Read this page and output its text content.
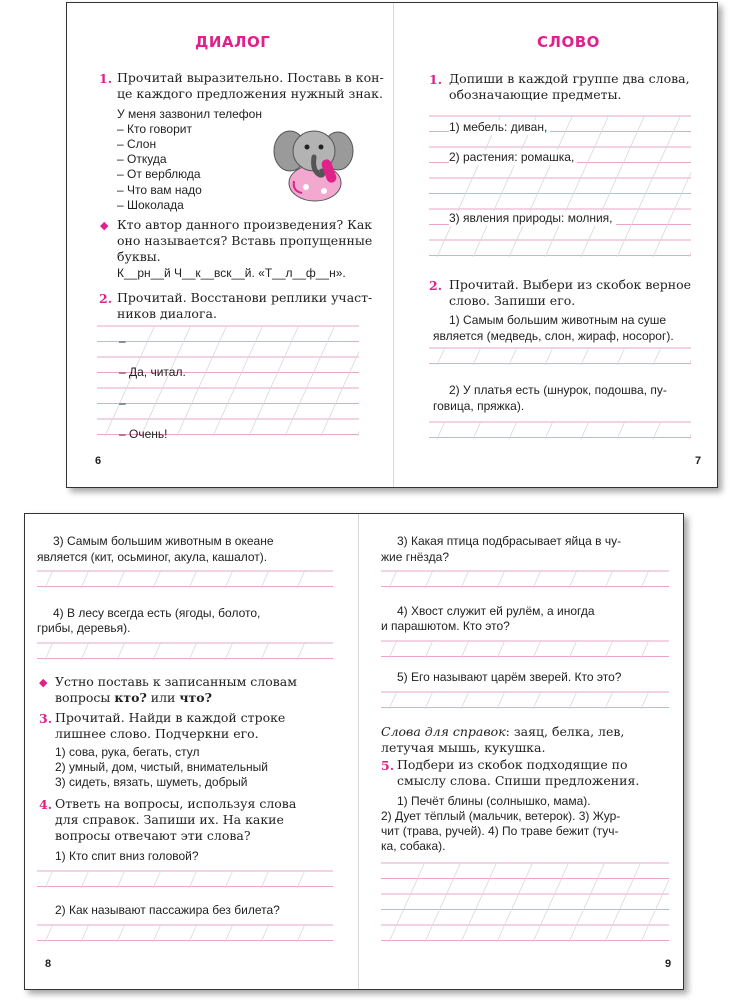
ДИАЛОГ
1. Прочитай выразительно. Поставь в кон-
це каждого предложения нужный знак.
У меня зазвонил телефон
– Кто говорит
– Слон
– Откуда
– От верблюда
– Что вам надо
– Шоколада
◆ Кто автор данного произведения? Как
оно называется? Вставь пропущенные
буквы.
К__рн__й Ч__к__вск__й. «Т__л__ф__н».
2. Прочитай. Восстанови реплики участ-
ников диалога.
–
– Да, читал.
–
– Очень!
6
СЛОВО
1. Допиши в каждой группе два слова,
обозначающие предметы.
1) мебель: диван,
2) растения: ромашка,
3) явления природы: молния,
2. Прочитай. Выбери из скобок верное
слово. Запиши его.
1) Самым большим животным на суше
является (медведь, слон, жираф, носорог).
2) У платья есть (шнурок, подошва, пу-
говица, пряжка).
7
3) Самым большим животным в океане
является (кит, осьминог, акула, кашалот).
4) В лесу всегда есть (ягоды, болото,
грибы, деревья).
◆ Устно поставь к записанным словам
вопросы кто? или что?
3. Прочитай. Найди в каждой строке
лишнее слово. Подчеркни его.
1) сова, рука, бегать, стул
2) умный, дом, чистый, внимательный
3) сидеть, вязать, шуметь, добрый
4. Ответь на вопросы, используя слова
для справок. Запиши их. На какие
вопросы отвечают эти слова?
1) Кто спит вниз головой?
2) Как называют пассажира без билета?
8
3) Какая птица подбрасывает яйца в чу-
жие гнёзда?
4) Хвост служит ей рулём, а иногда
и парашютом. Кто это?
5) Его называют царём зверей. Кто это?
Слова для справок: заяц, белка, лев,
летучая мышь, кукушка.
5. Подбери из скобок подходящие по
смыслу слова. Спиши предложения.
1) Печёт блины (солнышко, мама).
2) Дует тёплый (мальчик, ветерок). 3) Жур-
чит (трава, ручей). 4) По траве бежит (туч-
ка, собака).
9
